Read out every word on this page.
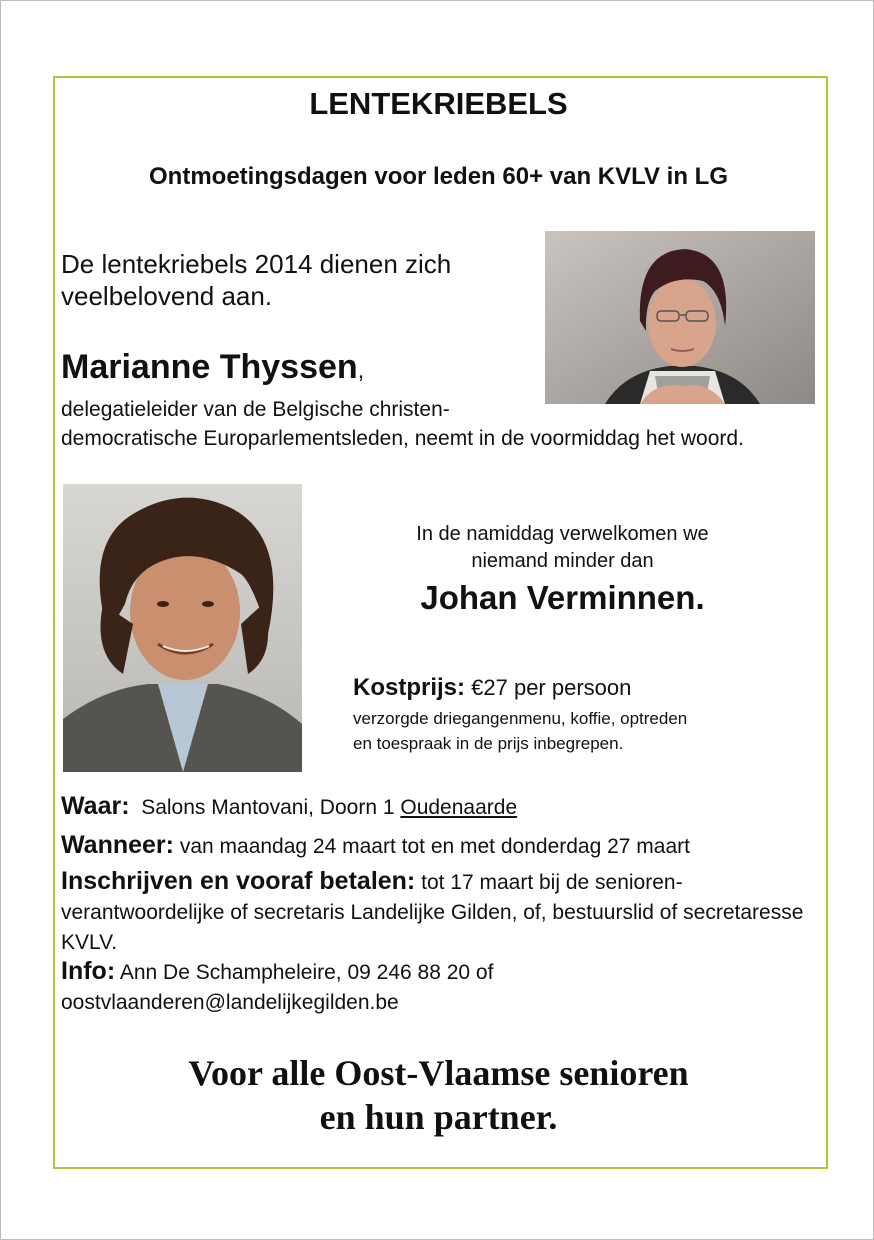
LENTEKRIEBELS
Ontmoetingsdagen voor leden 60+ van KVLV in LG
De lentekriebels 2014 dienen zich veelbelovend aan.
Marianne Thyssen,
delegatieleider van de Belgische christen-
democratische Europarlementsleden, neemt in de voormiddag het woord.
In de namiddag verwelkomen we
niemand minder dan
Johan Verminnen.
Kostprijs: €27 per persoon
verzorgde driegangenmenu, koffie, optreden
en toespraak in de prijs inbegrepen.
Waar: Salons Mantovani, Doorn 1 Oudenaarde
Wanneer: van maandag 24 maart tot en met donderdag 27 maart
Inschrijven en vooraf betalen: tot 17 maart bij de senioren-verantwoordelijke of secretaris Landelijke Gilden, of, bestuurslid of secretaresse KVLV.
Info: Ann De Schampheleire, 09 246 88 20 of
oostvlaanderen@landelijkegilden.be
Voor alle Oost-Vlaamse senioren
en hun partner.
